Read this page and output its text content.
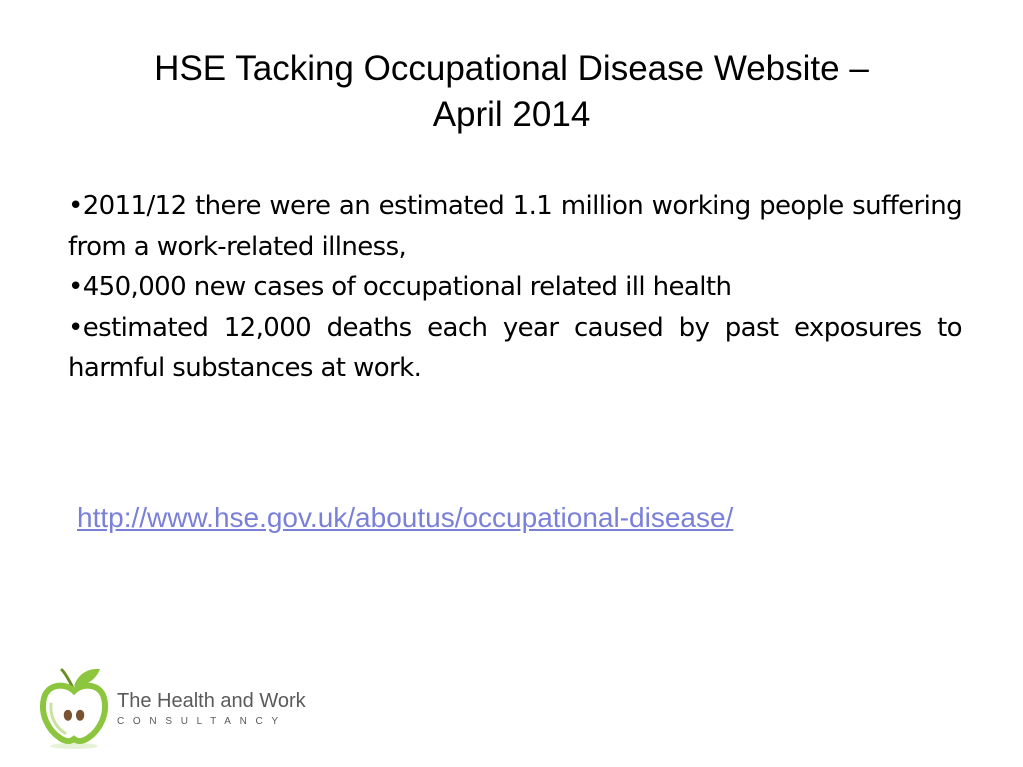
HSE Tacking Occupational Disease Website –
April 2014

•2011/12 there were an estimated 1.1 million working people suffering from a work-related illness,

•450,000 new cases of occupational related ill health

•estimated 12,000 deaths each year caused by past exposures to harmful substances at work.

http://www.hse.gov.uk/aboutus/occupational-disease/
The Health and Work
CONSULTANCY
